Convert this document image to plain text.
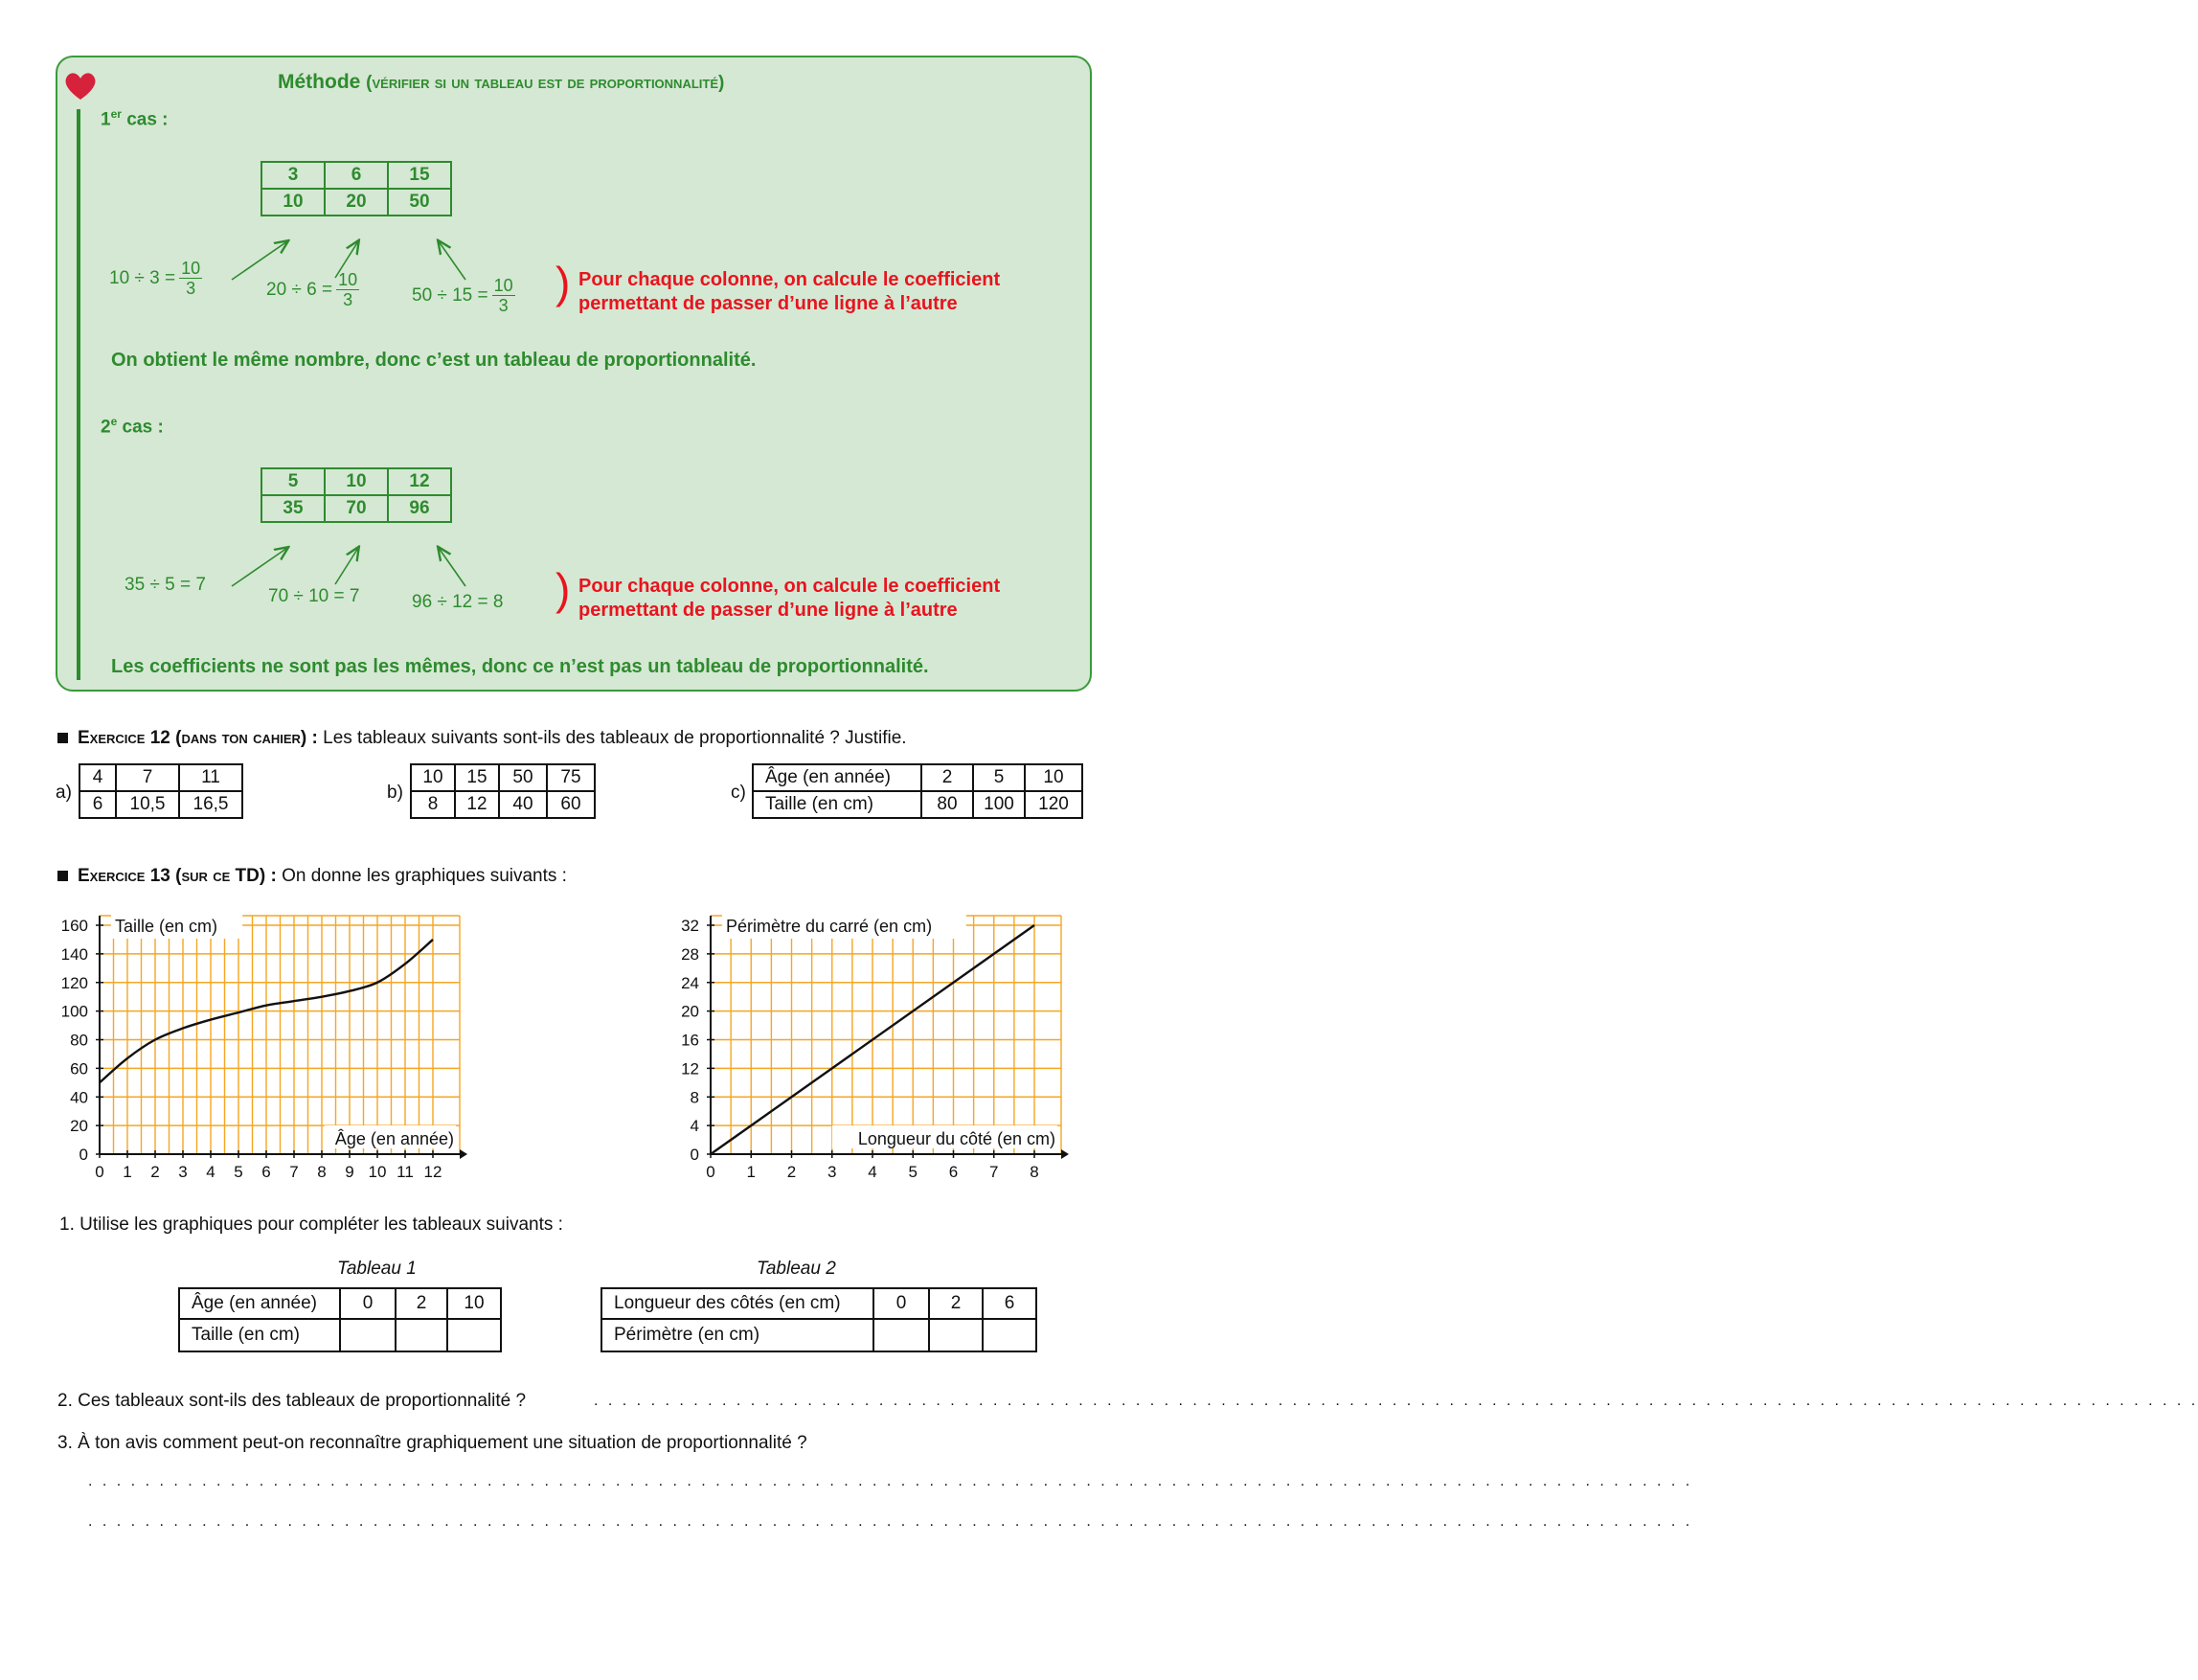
Méthode (vérifier si un tableau est de proportionnalité)
1er cas :
3	6	15
10	20	50
$10 \div 3 = \frac{10}{3}$	$20 \div 6 = \frac{10}{3}$	$50 \div 15 = \frac{10}{3}$ ) Pour chaque colonne, on calcule le coefficient
permettant de passer d’une ligne à l’autre
On obtient le même nombre, donc c’est un tableau de proportionnalité.
2e cas :
5	10	12
35	70	96
35 ÷ 5 = 7
70 ÷ 10 = 7	96 ÷ 12 = 8 ) Pour chaque colonne, on calcule le coefficient
permettant de passer d’une ligne à l’autre
Les coefficients ne sont pas les mêmes, donc ce n’est pas un tableau de proportionnalité.
Exercice 12 (dans ton cahier) : Les tableaux suivants sont-ils des tableaux de proportionnalité ? Justifie.
a)
4	7	11
6	10,5	16,5
b)
10	15	50	75
8	12	40	60
c)
Âge (en année)	2	5	10
Taille (en cm)	80	100	120
Exercice 13 (sur ce TD) : On donne les graphiques suivants :
0 1 2 3 4 5 6 7 8 9 10 11 12
0
20
40
60
80
100
120
140
160 Taille (en cm)
Âge (en année)
0 1 2 3 4 5 6 7 8
0
4
8
12
16
20
24
28
32 Périmètre du carré (en cm)
Longueur du côté (en cm)
1. Utilise les graphiques pour compléter les tableaux suivants :
Tableau 1
Âge (en année)	0	2	10
Taille (en cm)			
Tableau 2
Longueur des côtés (en cm)	0	2	6
Périmètre (en cm)			
2. Ces tableaux sont-ils des tableaux de proportionnalité ?	. . . . . . . . . . . . . . . . . . . . . . . . . . . . . . . . . . . . . . . . . . . . . . . . . . . . . . . . . . . . . . . . . . . . . . . . . . . . . . . . . . . . . . . . . . . . . . . . . . . . . . . . . . . . . . . . .
3. À ton avis comment peut-on reconnaître graphiquement une situation de proportionnalité ?
. . . . . . . . . . . . . . . . . . . . . . . . . . . . . . . . . . . . . . . . . . . . . . . . . . . . . . . . . . . . . . . . . . . . . . . . . . . . . . . . . . . . . . . . . . . . . . . . . . . . . . . . . . . . . . . . .
. . . . . . . . . . . . . . . . . . . . . . . . . . . . . . . . . . . . . . . . . . . . . . . . . . . . . . . . . . . . . . . . . . . . . . . . . . . . . . . . . . . . . . . . . . . . . . . . . . . . . . . . . . . . . . . . .
